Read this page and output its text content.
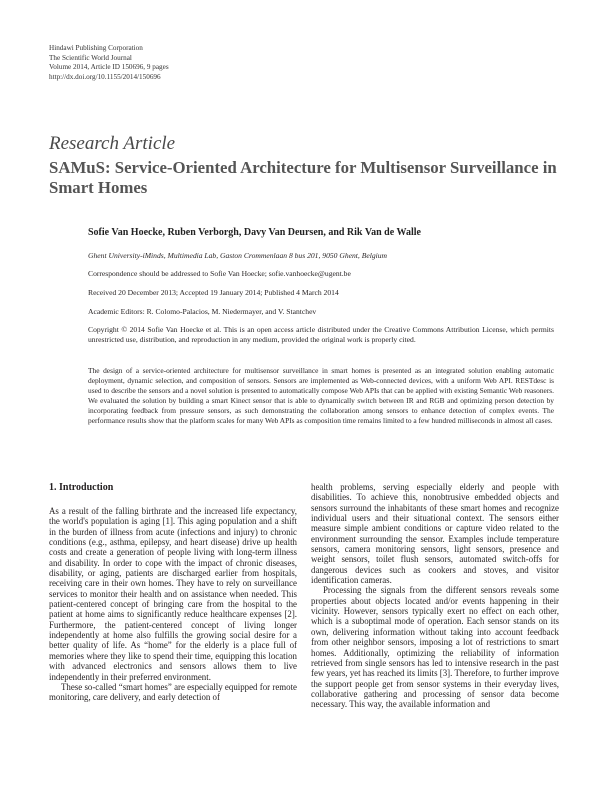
Hindawi Publishing Corporation
The Scientific World Journal
Volume 2014, Article ID 150696, 9 pages
http://dx.doi.org/10.1155/2014/150696
Research Article
SAMuS: Service-Oriented Architecture for Multisensor Surveillance in Smart Homes
Sofie Van Hoecke, Ruben Verborgh, Davy Van Deursen, and Rik Van de Walle
Ghent University-iMinds, Multimedia Lab, Gaston Crommenlaan 8 bus 201, 9050 Ghent, Belgium
Correspondence should be addressed to Sofie Van Hoecke; sofie.vanhoecke@ugent.be
Received 20 December 2013; Accepted 19 January 2014; Published 4 March 2014
Academic Editors: R. Colomo-Palacios, M. Niedermayer, and V. Stantchev
Copyright © 2014 Sofie Van Hoecke et al. This is an open access article distributed under the Creative Commons Attribution License, which permits unrestricted use, distribution, and reproduction in any medium, provided the original work is properly cited.
The design of a service-oriented architecture for multisensor surveillance in smart homes is presented as an integrated solution enabling automatic deployment, dynamic selection, and composition of sensors. Sensors are implemented as Web-connected devices, with a uniform Web API. RESTdesc is used to describe the sensors and a novel solution is presented to automatically compose Web APIs that can be applied with existing Semantic Web reasoners. We evaluated the solution by building a smart Kinect sensor that is able to dynamically switch between IR and RGB and optimizing person detection by incorporating feedback from pressure sensors, as such demonstrating the collaboration among sensors to enhance detection of complex events. The performance results show that the platform scales for many Web APIs as composition time remains limited to a few hundred milliseconds in almost all cases.
1. Introduction

As a result of the falling birthrate and the increased life expectancy, the world's population is aging [1]. This aging population and a shift in the burden of illness from acute (infections and injury) to chronic conditions (e.g., asthma, epilepsy, and heart disease) drive up health costs and create a generation of people living with long-term illness and disability. In order to cope with the impact of chronic diseases, disability, or aging, patients are discharged earlier from hospitals, receiving care in their own homes. They have to rely on surveillance services to monitor their health and on assistance when needed. This patient-centered concept of bringing care from the hospital to the patient at home aims to significantly reduce healthcare expenses [2]. Furthermore, the patient-centered concept of living longer independently at home also fulfills the growing social desire for a better quality of life. As “home” for the elderly is a place full of memories where they like to spend their time, equipping this location with advanced electronics and sensors allows them to live independently in their preferred environment.

These so-called “smart homes” are especially equipped for remote monitoring, care delivery, and early detection of

health problems, serving especially elderly and people with disabilities. To achieve this, nonobtrusive embedded objects and sensors surround the inhabitants of these smart homes and recognize individual users and their situational context. The sensors either measure simple ambient conditions or capture video related to the environment surrounding the sensor. Examples include temperature sensors, camera monitoring sensors, light sensors, presence and weight sensors, toilet flush sensors, automated switch-offs for dangerous devices such as cookers and stoves, and visitor identification cameras.

Processing the signals from the different sensors reveals some properties about objects located and/or events happening in their vicinity. However, sensors typically exert no effect on each other, which is a suboptimal mode of operation. Each sensor stands on its own, delivering information without taking into account feedback from other neighbor sensors, imposing a lot of restrictions to smart homes. Additionally, optimizing the reliability of information retrieved from single sensors has led to intensive research in the past few years, yet has reached its limits [3]. Therefore, to further improve the support people get from sensor systems in their everyday lives, collaborative gathering and processing of sensor data become necessary. This way, the available information and
